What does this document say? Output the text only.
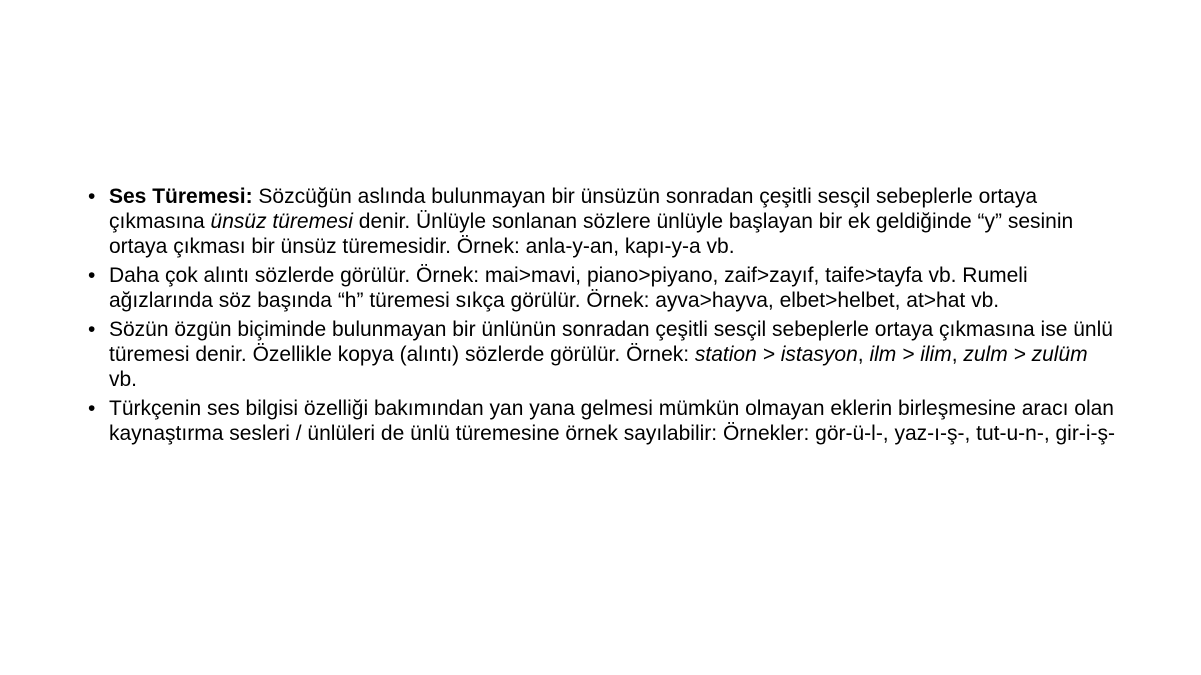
• Ses Türemesi: Sözcüğün aslında bulunmayan bir ünsüzün sonradan çeşitli sesçil sebeplerle ortaya çıkmasına ünsüz türemesi denir. Ünlüyle sonlanan sözlere ünlüyle başlayan bir ek geldiğinde “y” sesinin ortaya çıkması bir ünsüz türemesidir. Örnek: anla-y-an, kapı-y-a vb.
• Daha çok alıntı sözlerde görülür. Örnek: mai>mavi, piano>piyano, zaif>zayıf, taife>tayfa vb. Rumeli ağızlarında söz başında “h” türemesi sıkça görülür. Örnek: ayva>hayva, elbet>helbet, at>hat vb.
• Sözün özgün biçiminde bulunmayan bir ünlünün sonradan çeşitli sesçil sebeplerle ortaya çıkmasına ise ünlü türemesi denir. Özellikle kopya (alıntı) sözlerde görülür. Örnek: station > istasyon, ilm > ilim, zulm > zulüm vb.
• Türkçenin ses bilgisi özelliği bakımından yan yana gelmesi mümkün olmayan eklerin birleşmesine aracı olan kaynaştırma sesleri / ünlüleri de ünlü türemesine örnek sayılabilir: Örnekler: gör-ü-l-, yaz-ı-ş-, tut-u-n-, gir-i-ş-
